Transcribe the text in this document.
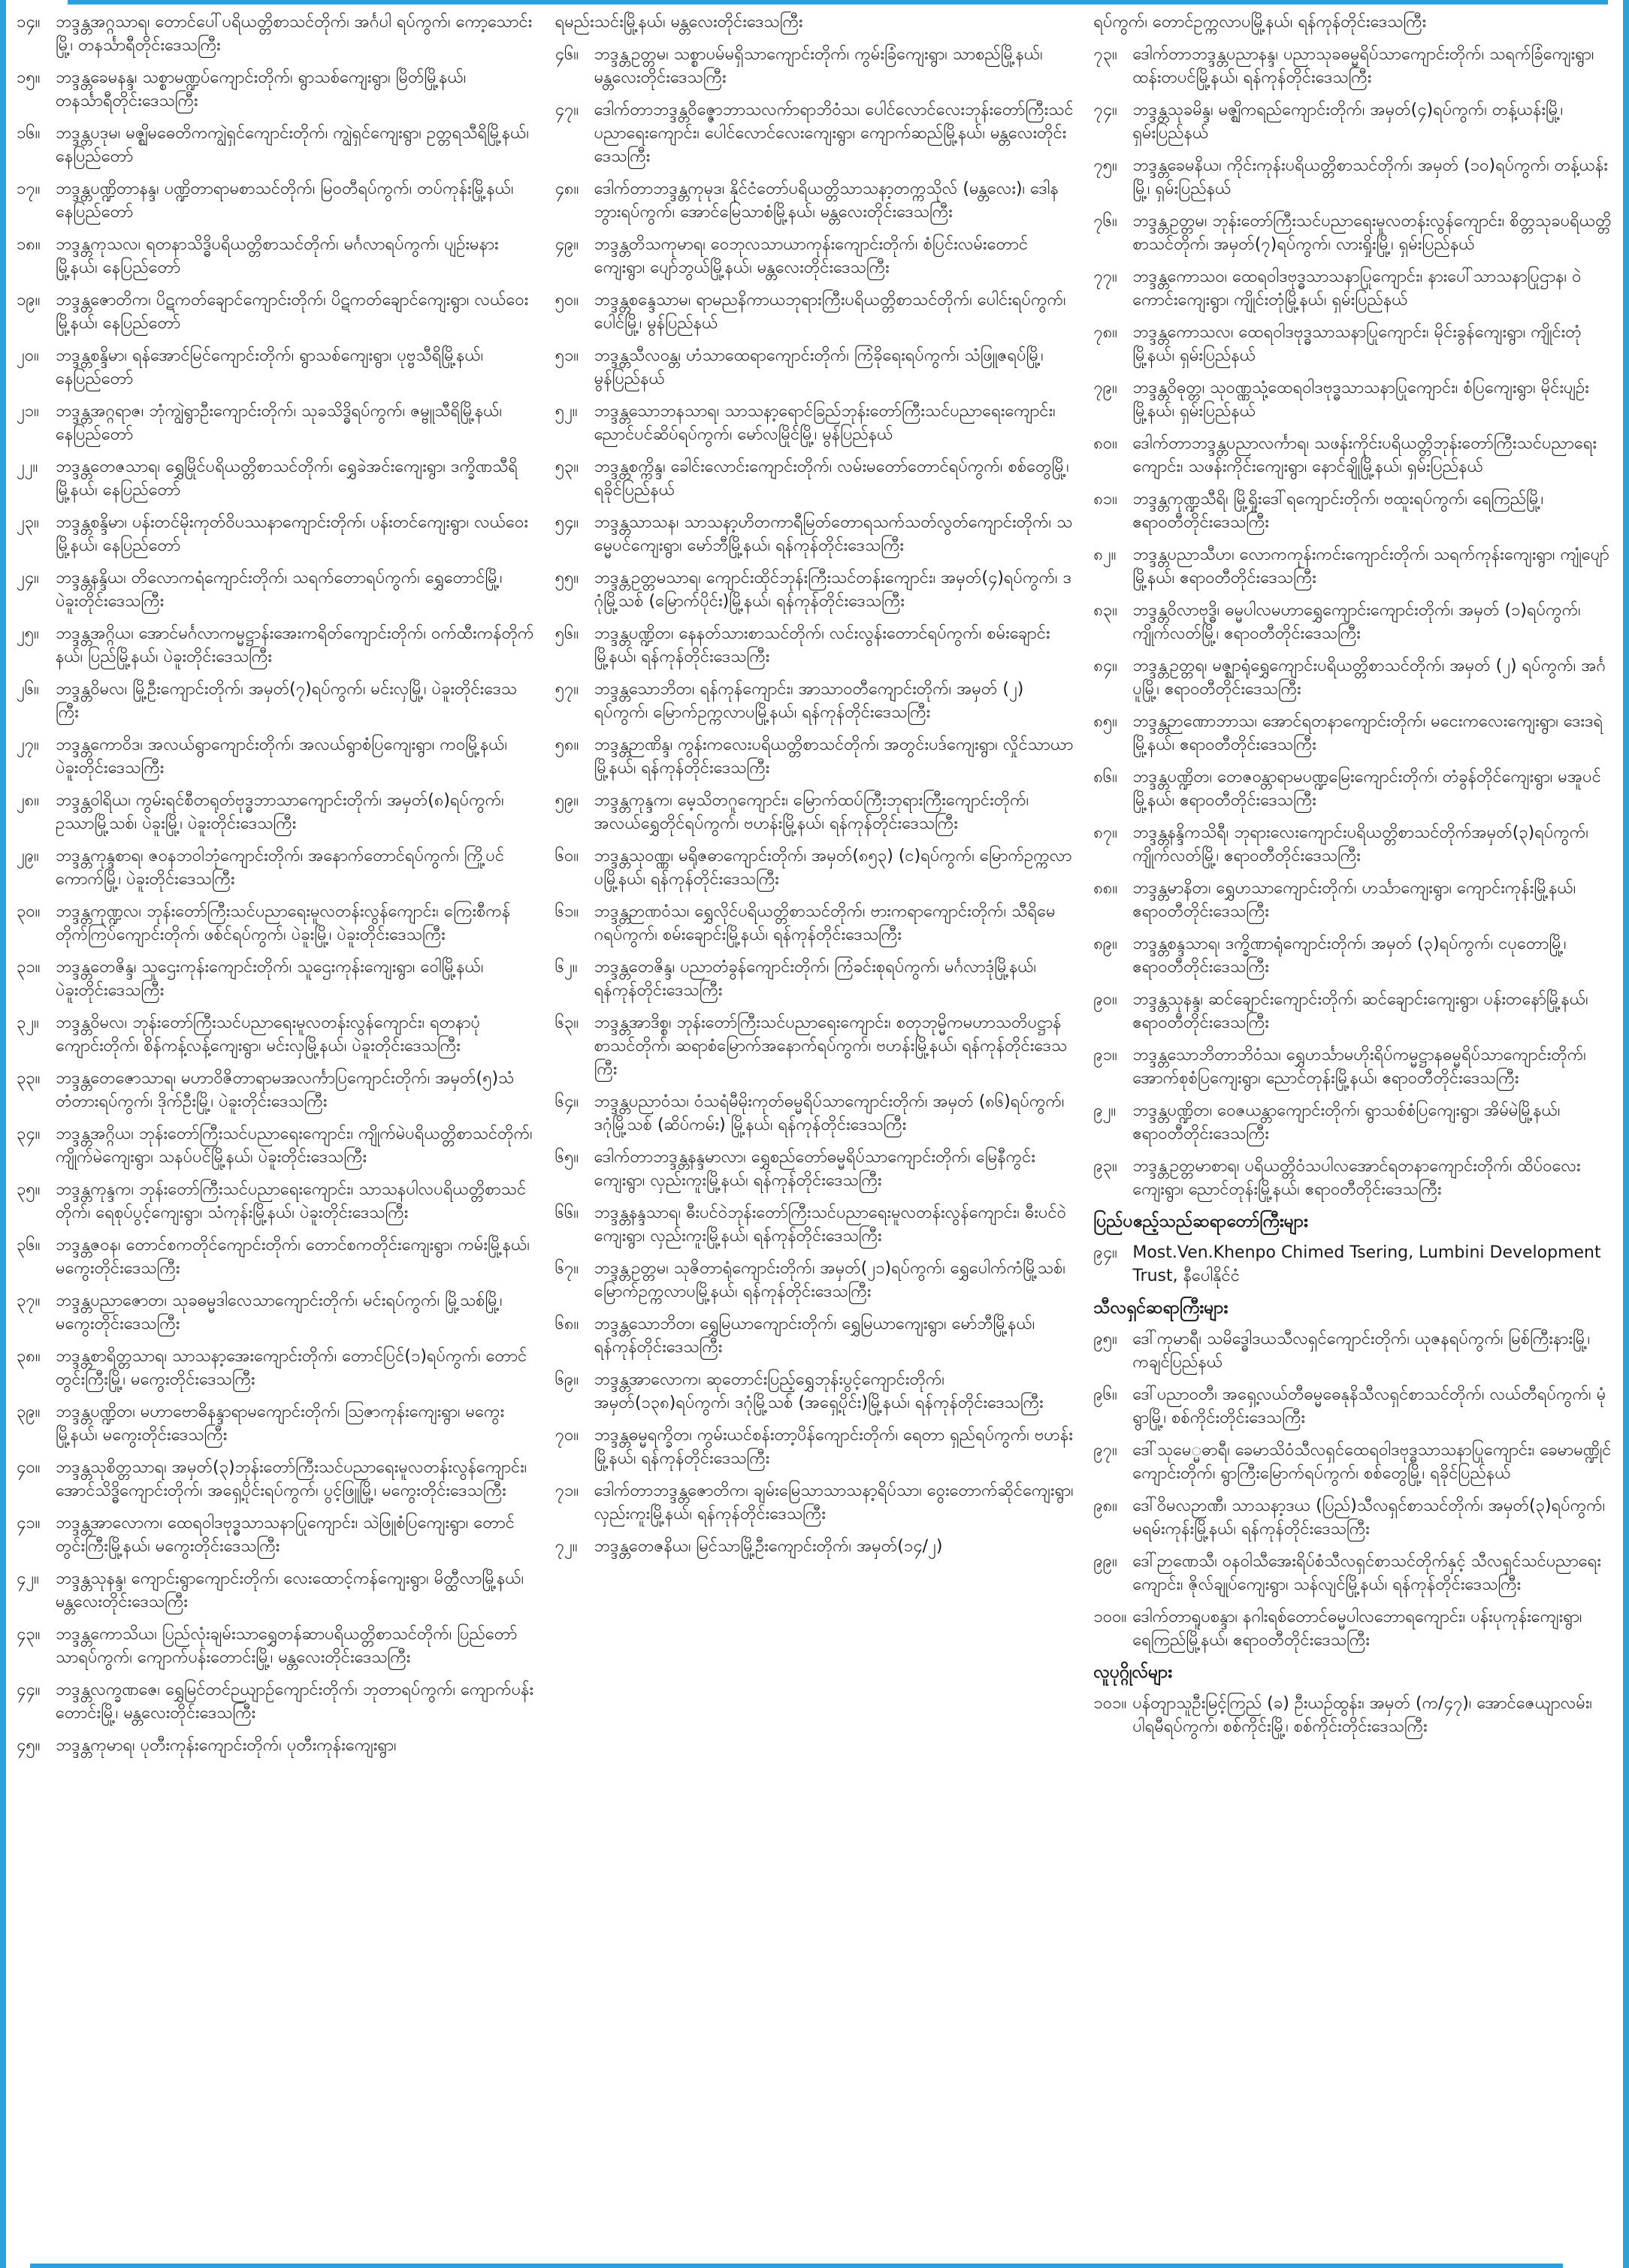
၁၄။ ဘဒ္ဒန္တအဂ္ဂသာရ၊ တောင်ပေါ်ပရိယတ္တိစာသင်တိုက်၊ အင်္ဂပါ ရပ်ကွက်၊ ကော့သောင်းမြို့၊ တနင်္သာရီတိုင်းဒေသကြီး
၁၅။ ဘဒ္ဒန္တခေမနန္ဒ၊ သစ္စာမဏ္ဍပ်ကျောင်းတိုက်၊ ရွာသစ်ကျေးရွာ၊ မြိတ်မြို့နယ်၊ တနင်္သာရီတိုင်းဒေသကြီး
၁၆။ ဘဒ္ဒန္တပဒုမ၊ မဇ္ဈိမဓေတိကကျွဲရှင်ကျောင်းတိုက်၊ ကျွဲရှင်ကျေးရွာ၊ ဥတ္တရသီရိမြို့နယ်၊ နေပြည်တော်
၁၇။ ဘဒ္ဒန္တပဏ္ဍိတာနန္ဒ၊ ပဏ္ဍိတာရာမစာသင်တိုက်၊ မြဝတီရပ်ကွက်၊ တပ်ကုန်းမြို့နယ်၊ နေပြည်တော်
၁၈။ ဘဒ္ဒန္တကုသလ၊ ရတနာသိဒ္ဓိပရိယတ္တိစာသင်တိုက်၊ မင်္ဂလာရပ်ကွက်၊ ပျဉ်းမနားမြို့နယ်၊ နေပြည်တော်
၁၉။ ဘဒ္ဒန္တဇောတိက၊ ပိဋကတ်ချောင်ကျောင်းတိုက်၊ ပိဋကတ်ချောင်ကျေးရွာ၊ လယ်ဝေးမြို့နယ်၊ နေပြည်တော်
၂၀။	ဘဒ္ဒန္တစန္ဒိမာ၊ ရန်အောင်မြင်ကျောင်းတိုက်၊ ရွာသစ်ကျေးရွာ၊ ပုဗ္ဗသီရိမြို့နယ်၊ နေပြည်တော်
၂၁။	ဘဒ္ဒန္တအဂ္ဂရာဇ၊ ဘုံကျွဲရွာဦးကျောင်းတိုက်၊ သုခသိဒ္ဓိရပ်ကွက်၊ ဇမ္ဗူသီရိမြို့နယ်၊ နေပြည်တော်
၂၂။	ဘဒ္ဒန္တတေဇသာရ၊ ရွှေမြိုင်ပရိယတ္တိစာသင်တိုက်၊ ရွှေခဲအင်းကျေးရွာ၊ ဒက္ခိဏသီရိမြို့နယ်၊ နေပြည်တော်
၂၃။	ဘဒ္ဒန္တစန္ဒိမာ၊ ပန်းတင်မိုးကုတ်ဝိပဿနာကျောင်းတိုက်၊ ပန်းတင်ကျေးရွာ၊ လယ်ဝေးမြို့နယ်၊ နေပြည်တော်
၂၄။	ဘဒ္ဒန္တနန္ဒိယ၊ တိလောကရံကျောင်းတိုက်၊ သရက်တောရပ်ကွက်၊ ရွှေတောင်မြို့၊ ပဲခူးတိုင်းဒေသကြီး
၂၅။	ဘဒ္ဒန္တအဂ္ဂိယ၊ အောင်မင်္ဂလာကမ္မဋ္ဌာန်းအေးကရိတ်ကျောင်းတိုက်၊ ဝက်ထီးကန်တိုက်နယ်၊ ပြည်မြို့နယ်၊ ပဲခူးတိုင်းဒေသကြီး
၂၆။	ဘဒ္ဒန္တဝိမလ၊ မြို့ဦးကျောင်းတိုက်၊ အမှတ်(၇)ရပ်ကွက်၊ မင်းလှမြို့၊ ပဲခူးတိုင်းဒေသကြီး
၂၇။	ဘဒ္ဒန္တကောဝိဒ၊ အလယ်ရွာကျောင်းတိုက်၊ အလယ်ရွာစံပြကျေးရွာ၊ ကဝမြို့နယ်၊ ပဲခူးတိုင်းဒေသကြီး
၂၈။ ဘဒ္ဒန္တဝါရိယ၊ ကွမ်းရင်စီတရုတ်ဗုဒ္ဓဘာသာကျောင်းတိုက်၊ အမှတ်(၈)ရပ်ကွက်၊ ဥဿာမြို့သစ်၊ ပဲခူးမြို့၊ ပဲခူးတိုင်းဒေသကြီး
၂၉။	ဘဒ္ဒန္တကုန္ဒစာရ၊ ဇဝနဘဝါဘုံကျောင်းတိုက်၊ အနောက်တောင်ရပ်ကွက်၊ ကြို့ပင်ကောက်မြို့၊ ပဲခူးတိုင်းဒေသကြီး
၃၀။ ဘဒ္ဒန္တကုဏ္ဍလ၊ ဘုန်းတော်ကြီးသင်ပညာရေးမူလတန်းလွန်ကျောင်း၊ ကြေးစီကန်တိုက်ကြပ်ကျောင်းတိုက်၊ ဖစ်င်ရပ်ကွက်၊ ပဲခူးမြို့၊ ပဲခူးတိုင်းဒေသကြီး
၃၁။ ဘဒ္ဒန္တတေဇိန္ဒ၊ သူဌေးကုန်းကျောင်းတိုက်၊ သူဌေးကုန်းကျေးရွာ၊ ဝေါမြို့နယ်၊ ပဲခူးတိုင်းဒေသကြီး
၃၂။	ဘဒ္ဒန္တဝိမလ၊ ဘုန်းတော်ကြီးသင်ပညာရေးမူလတန်းလွန်ကျောင်း၊ ရတနာပုံကျောင်းတိုက်၊ စိန်ကန့်လန့်ကျေးရွာ၊ မင်းလှမြို့နယ်၊ ပဲခူးတိုင်းဒေသကြီး
၃၃။ ဘဒ္ဒန္တတေဇောသာရ၊ မဟာဝိဇိတာရာမအလင်္ကာပြကျောင်းတိုက်၊ အမှတ်(၅)သံတံတားရပ်ကွက်၊ ဒိုက်ဦးမြို့၊ ပဲခူးတိုင်းဒေသကြီး
၃၄။ ဘဒ္ဒန္တအဂ္ဂိယ၊ ဘုန်းတော်ကြီးသင်ပညာရေးကျောင်း၊ ကျိုက်မဲပရိယတ္တိစာသင်တိုက်၊ ကျိုက်မဲကျေးရွာ၊ သနပ်ပင်မြို့နယ်၊ ပဲခူးတိုင်းဒေသကြီး
၃၅။ ဘဒ္ဒန္တကုန္ဒက၊ ဘုန်းတော်ကြီးသင်ပညာရေးကျောင်း၊ သာသနပါလပရိယတ္တိစာသင်တိုက်၊ ရေစုပ်ပွင့်ကျေးရွာ၊ သံကုန်းမြို့နယ်၊ ပဲခူးတိုင်းဒေသကြီး
၃၆။ ဘဒ္ဒန္တဇဝန၊ တောင်စကတိုင်ကျောင်းတိုက်၊ တောင်စကတိုင်းကျေးရွာ၊ ကမ်းမြို့နယ်၊ မကွေးတိုင်းဒေသကြီး
၃၇။ ဘဒ္ဒန္တပညာဇောတ၊ သုခဓမ္မဒါလေသာကျောင်းတိုက်၊ မင်းရပ်ကွက်၊ မြို့သစ်မြို့၊ မကွေးတိုင်းဒေသကြီး
၃၈။ ဘဒ္ဒန္တစာရိတ္တသာရ၊ သာသနာ့အေးကျောင်းတိုက်၊ တောင်ပြင်(၁)ရပ်ကွက်၊ တောင်တွင်းကြီးမြို့၊ မကွေးတိုင်းဒေသကြီး
၃၉။ ဘဒ္ဒန္တပဏ္ဍိတ၊ မဟာဗောဓိနန္ဒာရာမကျောင်းတိုက်၊ ဩဇာကုန်းကျေးရွာ၊ မကွေးမြို့နယ်၊ မကွေးတိုင်းဒေသကြီး
၄၀။ ဘဒ္ဒန္တသုစိတ္တသာရ၊ အမှတ်(၃)ဘုန်းတော်ကြီးသင်ပညာရေးမူလတန်းလွန်ကျောင်း၊ အောင်သိဒ္ဓိကျောင်းတိုက်၊ အရှေ့ပိုင်းရပ်ကွက်၊ ပွင့်ဖြူမြို့၊ မကွေးတိုင်းဒေသကြီး
၄၁။ ဘဒ္ဒန္တအာလောက၊ ထေရဝါဒဗုဒ္ဓသာသနာပြုကျောင်း၊ သဲဖြူစံပြကျေးရွာ၊ တောင်တွင်းကြီးမြို့နယ်၊ မကွေးတိုင်းဒေသကြီး
၄၂။	ဘဒ္ဒန္တသုနန္ဒ၊ ကျောင်းရွာကျောင်းတိုက်၊ လေးထောင့်ကန်ကျေးရွာ၊ မိတ္ထီလာမြို့နယ်၊ မန္တလေးတိုင်းဒေသကြီး
၄၃။ ဘဒ္ဒန္တကောသိယ၊ ပြည်လုံးချမ်းသာရွှေတန်ဆာပရိယတ္တိစာသင်တိုက်၊ ပြည်တော်သာရပ်ကွက်၊ ကျောက်ပန်းတောင်းမြို့၊ မန္တလေးတိုင်းဒေသကြီး
၄၄။ ဘဒ္ဒန္တလက္ခဏဇေ၊ ရွှေမြင်တင်ဉယျာဉ်ကျောင်းတိုက်၊ ဘုတာရပ်ကွက်၊ ကျောက်ပန်းတောင်းမြို့၊ မန္တလေးတိုင်းဒေသကြီး
၄၅။ ဘဒ္ဒန္တကုမာရ၊ ပုတီးကုန်းကျောင်းတိုက်၊ ပုတီးကုန်းကျေးရွာ၊
ရမည်းသင်းမြို့နယ်၊ မန္တလေးတိုင်းဒေသကြီး
၄၆။ ဘဒ္ဒန္တဥတ္တမ၊ သစ္စာပမ်မရှိသာကျောင်းတိုက်၊ ကွမ်းခြံကျေးရွာ၊ သာစည်မြို့နယ်၊ မန္တလေးတိုင်းဒေသကြီး
၄၇။ ဒေါက်တာဘဒ္ဒန္တဝိဇ္ဇောဘာသလက်ာရာဘိဝံသ၊ ပေါင်လောင်လေးဘုန်းတော်ကြီးသင်ပညာရေးကျောင်း၊ ပေါင်လောင်လေးကျေးရွာ၊ ကျောက်ဆည်မြို့နယ်၊ မန္တလေးတိုင်းဒေသကြီး
၄၈။ ဒေါက်တာဘဒ္ဒန္တကုမုဒ၊ နိုင်ငံတော်ပရိယတ္တိသာသနာ့တက္ကသိုလ် (မန္တလေး)၊ ဒေါနဘွားရပ်ကွက်၊ အောင်မြေသာစံမြို့နယ်၊ မန္တလေးတိုင်းဒေသကြီး
၄၉။ ဘဒ္ဒန္တတိသကုမာရ၊ ဝေဘုလသာယာကုန်းကျောင်းတိုက်၊ စံပြင်းလမ်းတောင်ကျေးရွာ၊ ပျော်ဘွယ်မြို့နယ်၊ မန္တလေးတိုင်းဒေသကြီး
၅၀။ ဘဒ္ဒန္တစန္ဒေသာမ၊ ရာမညနိကာယဘုရားကြီးပရိယတ္တိစာသင်တိုက်၊ ပေါင်းရပ်ကွက်၊ ပေါင်မြို့၊ မွန်ပြည်နယ်
၅၁။ ဘဒ္ဒန္တသီလဝန္တ၊ ဟံသာထေရာကျောင်းတိုက်၊ ကြံခိုရေးရပ်ကွက်၊ သံဖြူဇရပ်မြို့၊ မွန်ပြည်နယ်
၅၂။	ဘဒ္ဒန္တသောဘနသာရ၊ သာသနာ့ရောင်ခြည်ဘုန်းတော်ကြီးသင်ပညာရေးကျောင်း၊ ညောင်ပင်ဆိပ်ရပ်ကွက်၊ မော်လမြိုင်မြို့၊ မွန်ပြည်နယ်
၅၃။ ဘဒ္ဒန္တစက္ကိန္ဒ၊ ခေါင်းလောင်းကျောင်းတိုက်၊ လမ်းမတော်တောင်ရပ်ကွက်၊ စစ်တွေမြို့၊ ရခိုင်ပြည်နယ်
၅၄။ ဘဒ္ဒန္တသာသန၊ သာသနာ့ဟိတကာရီမြတ်တောရသက်သတ်လွတ်ကျောင်းတိုက်၊ သမ္မေပင်ကျေးရွာ၊ မော်ဘီမြို့နယ်၊ ရန်ကုန်တိုင်းဒေသကြီး
၅၅။ ဘဒ္ဒန္တဥတ္တမသာရ၊ ကျောင်းထိုင်ဘုန်းကြီးသင်တန်းကျောင်း၊ အမှတ်(၄)ရပ်ကွက်၊ ဒဂုံမြို့သစ် (မြောက်ပိုင်း)မြို့နယ်၊ ရန်ကုန်တိုင်းဒေသကြီး
၅၆။ ဘဒ္ဒန္တပဏ္ဍိတ၊ နေနတ်သားစာသင်တိုက်၊ လင်းလွန်းတောင်ရပ်ကွက်၊ စမ်းချောင်းမြို့နယ်၊ ရန်ကုန်တိုင်းဒေသကြီး
၅၇။ ဘဒ္ဒန္တသောဘိတ၊ ရန်ကုန်ကျောင်း၊ အာသာဝတီကျောင်းတိုက်၊ အမှတ် (၂) ရပ်ကွက်၊ မြောက်ဥက္ကလာပမြို့နယ်၊ ရန်ကုန်တိုင်းဒေသကြီး
၅၈။ ဘဒ္ဒန္တဉာဏိန္ဒ၊ ကွန်းကလေးပရိယတ္တိစာသင်တိုက်၊ အတွင်းပဒ်ကျေးရွာ၊ လှိုင်သာယာမြို့နယ်၊ ရန်ကုန်တိုင်းဒေသကြီး
၅၉။ ဘဒ္ဒန္တကုန္ဒက၊ မေ့သိတဂူကျောင်း၊ မြောက်ထပ်ကြီးဘုရားကြီးကျောင်းတိုက်၊ အလယ်ရွှေတိုင်ရပ်ကွက်၊ ဗဟန်းမြို့နယ်၊ ရန်ကုန်တိုင်းဒေသကြီး
၆၀။ ဘဒ္ဒန္တသုဝဏ္ဏ၊ မရိုဇဓာကျောင်းတိုက်၊ အမှတ်(၈၅၃) (င)ရပ်ကွက်၊ မြောက်ဥက္ကလာပမြို့နယ်၊ ရန်ကုန်တိုင်းဒေသကြီး
၆၁။ ဘဒ္ဒန္တဉာဏဝံသ၊ ရွှေလိုင်ပရိယတ္တိစာသင်တိုက်၊ ဗားကရာကျောင်းတိုက်၊ သီရိမေဂရပ်ကွက်၊ စမ်းချောင်းမြို့နယ်၊ ရန်ကုန်တိုင်းဒေသကြီး
၆၂။	ဘဒ္ဒန္တတေဇိန္ဒ၊ ပညာတံခွန်ကျောင်းတိုက်၊ ကြံခင်းစုရပ်ကွက်၊ မင်္ဂလာဒုံမြို့နယ်၊ ရန်ကုန်တိုင်းဒေသကြီး
၆၃။ ဘဒ္ဒန္တအာဒိစ္စ၊ ဘုန်းတော်ကြီးသင်ပညာရေးကျောင်း၊ စတုဘုမ္မိကမဟာသတိပဋ္ဌာန်စာသင်တိုက်၊ ဆရာစံမြောက်အနောက်ရပ်ကွက်၊ ဗဟန်းမြို့နယ်၊ ရန်ကုန်တိုင်းဒေသကြီး
၆၄။ ဘဒ္ဒန္တပညာဝံသ၊ ဝံသရံမီမိုးကုတ်ဓမ္မရိပ်သာကျောင်းတိုက်၊ အမှတ် (၈၆)ရပ်ကွက်၊ ဒဂုံမြို့သစ် (ဆိပ်ကမ်း) မြို့နယ်၊ ရန်ကုန်တိုင်းဒေသကြီး
၆၅။ ဒေါက်တာဘဒ္ဒန္တနန္ဒမာလာ၊ ရွှေစည်တော်ဓမ္မရိပ်သာကျောင်းတိုက်၊ မြေနီကွင်းကျေးရွာ၊ လှည်းကူးမြို့နယ်၊ ရန်ကုန်တိုင်းဒေသကြီး
၆၆။ ဘဒ္ဒန္တနန္ဒသာရ၊ ဓီးပင်ဝဲဘုန်းတော်ကြီးသင်ပညာရေးမူလတန်းလွန်ကျောင်း၊ ဓီးပင်ဝဲကျေးရွာ၊ လှည်းကူးမြို့နယ်၊ ရန်ကုန်တိုင်းဒေသကြီး
၆၇။ ဘဒ္ဒန္တဥတ္တမ၊ သုဇိတာရုံကျောင်းတိုက်၊ အမှတ်(၂၁)ရပ်ကွက်၊ ရွှေပေါက်ကံမြို့သစ်၊ မြောက်ဥက္ကလာပမြို့နယ်၊ ရန်ကုန်တိုင်းဒေသကြီး
၆၈။ ဘဒ္ဒန္တသောဘိတ၊ ရွှေမြယာကျောင်းတိုက်၊ ရွှေမြယာကျေးရွာ၊ မော်ဘီမြို့နယ်၊ ရန်ကုန်တိုင်းဒေသကြီး
၆၉။ ဘဒ္ဒန္တအာလောက၊ ဆုတောင်းပြည့်ရွှေဘုန်းပွင့်ကျောင်းတိုက်၊ အမှတ်(၁၃၈)ရပ်ကွက်၊ ဒဂုံမြို့သစ် (အရှေ့ပိုင်း)မြို့နယ်၊ ရန်ကုန်တိုင်းဒေသကြီး
၇၀။ ဘဒ္ဒန္တဓမ္မရက္ခိတ၊ ကွမ်းယင်စန်းတာ့ပိန်ကျောင်းတိုက်၊ ရေတာ ရှည်ရပ်ကွက်၊ ဗဟန်းမြို့နယ်၊ ရန်ကုန်တိုင်းဒေသကြီး
၇၁။ ဒေါက်တာဘဒ္ဒန္တဇောတိက၊ ချမ်းမြေသာသာသနာ့ရိပ်သာ၊ ဝွေးတောက်ဆိုင်ကျေးရွာ၊ လှည်းကူးမြို့နယ်၊ ရန်ကုန်တိုင်းဒေသကြီး
၇၂။	ဘဒ္ဒန္တတေဇနိယ၊ မြင်သာမြို့ဦးကျောင်းတိုက်၊ အမှတ်(၁၄/၂)
ရပ်ကွက်၊ တောင်ဥက္ကလာပမြို့နယ်၊ ရန်ကုန်တိုင်းဒေသကြီး
၇၃။ ဒေါက်တာဘဒ္ဒန္တပညာနန္ဒ၊ ပညာသုခဓမ္မရိပ်သာကျောင်းတိုက်၊ သရက်ခြံကျေးရွာ၊ ထန်းတပင်မြို့နယ်၊ ရန်ကုန်တိုင်းဒေသကြီး
၇၄။ ဘဒ္ဒန္တသုခမိန္ဒ၊ မဇ္ဈိကရည်ကျောင်းတိုက်၊ အမှတ်(၄)ရပ်ကွက်၊ တန့်ယန်းမြို့၊ ရှမ်းပြည်နယ်
၇၅။ ဘဒ္ဒန္တခေမနိယ၊ ကိုင်းကုန်းပရိယတ္တိစာသင်တိုက်၊ အမှတ် (၁၀)ရပ်ကွက်၊ တန့်ယန်းမြို့၊ ရှမ်းပြည်နယ်
၇၆။ ဘဒ္ဒန္တဥတ္တမ၊ ဘုန်းတော်ကြီးသင်ပညာရေးမူလတန်းလွန်ကျောင်း၊ စိတ္တသုခပရိယတ္တိစာသင်တိုက်၊ အမှတ်(၇)ရပ်ကွက်၊ လားရှိုးမြို့၊ ရှမ်းပြည်နယ်
၇၇။ ဘဒ္ဒန္တကောသဝ၊ ထေရဝါဒဗုဒ္ဓသာသနာပြုကျောင်း၊ နားပေါ်သာသနာပြုဌာန၊ ဝဲကောင်းကျေးရွာ၊ ကျိုင်းတုံမြို့နယ်၊ ရှမ်းပြည်နယ်
၇၈။ ဘဒ္ဒန္တကောသလ၊ ထေရဝါဒဗုဒ္ဓသာသနာပြုကျောင်း၊ မိုင်းခွန်ကျေးရွာ၊ ကျိုင်းတုံမြို့နယ်၊ ရှမ်းပြည်နယ်
၇၉။ ဘဒ္ဒန္တဝိဓုတ္တ၊ သုဝဏ္ဏသုံ့ထေရဝါဒဗုဒ္ဓသာသနာပြုကျောင်း၊ စံပြကျေးရွာ၊ မိုင်းပျဉ်းမြို့နယ်၊ ရှမ်းပြည်နယ်
၈၀။ ဒေါက်တာဘဒ္ဒန္တပညာလင်္ကာရ၊ သဖန်းကိုင်းပရိယတ္တိဘုန်းတော်ကြီးသင်ပညာရေးကျောင်း၊ သဖန်းကိုင်းကျေးရွာ၊ နောင်ချိုမြို့နယ်၊ ရှမ်းပြည်နယ်
၈၁။ ဘဒ္ဒန္တကုဏ္ဍသီရိ၊ မြို့ရှိုးဒေါ်ရကျောင်းတိုက်၊ ဗထူးရပ်ကွက်၊ ရေကြည်မြို့၊ ဧရာဝတီတိုင်းဒေသကြီး
၈၂။ ဘဒ္ဒန္တပညာသီဟ၊ လောကကုန်းကင်းကျောင်းတိုက်၊ သရက်ကုန်းကျေးရွာ၊ ကျုံပျော်မြို့နယ်၊ ဧရာဝတီတိုင်းဒေသကြီး
၈၃။ ဘဒ္ဒန္တဝိလာဗုဒ္ဓိ၊ ဓမ္မပါလမဟာရွှေကျောင်းကျောင်းတိုက်၊ အမှတ် (၁)ရပ်ကွက်၊ ကျိုက်လတ်မြို့၊ ဧရာဝတီတိုင်းဒေသကြီး
၈၄။ ဘဒ္ဒန္တဥတ္တရ၊ မဇ္ဈာရုံရွှေကျောင်းပရိယတ္တိစာသင်တိုက်၊ အမှတ် (၂) ရပ်ကွက်၊ အင်္ဂပူမြို့၊ ဧရာဝတီတိုင်းဒေသကြီး
၈၅။ ဘဒ္ဒန္တဉာဏောဘာသ၊ အောင်ရတနာကျောင်းတိုက်၊ မငေးကလေးကျေးရွာ၊ ဒေးဒရဲမြို့နယ်၊ ဧရာဝတီတိုင်းဒေသကြီး
၈၆။ ဘဒ္ဒန္တပဏ္ဍိတ၊ တေဇဝန္တာရာမပဏ္ဍမြေးကျောင်းတိုက်၊ တံခွန်တိုင်ကျေးရွာ၊ မအူပင်မြို့နယ်၊ ဧရာဝတီတိုင်းဒေသကြီး
၈၇။ ဘဒ္ဒန္တနန္ဒိကသိရီ၊ ဘုရားလေးကျောင်းပရိယတ္တိစာသင်တိုက်အမှတ်(၃)ရပ်ကွက်၊ ကျိုက်လတ်မြို့၊ ဧရာဝတီတိုင်းဒေသကြီး
၈၈။ ဘဒ္ဒန္တမာနိတ၊ ရွှေဟသာကျောင်းတိုက်၊ ဟင်္သာကျေးရွာ၊ ကျောင်းကုန်းမြို့နယ်၊ ဧရာဝတီတိုင်းဒေသကြီး
၈၉။ ဘဒ္ဒန္တစန္ဒသာရ၊ ဒက္ခိဏာရုံကျောင်းတိုက်၊ အမှတ် (၃)ရပ်ကွက်၊ ငပုတောမြို့၊ ဧရာဝတီတိုင်းဒေသကြီး
၉၀။ ဘဒ္ဒန္တသုနန္ဒ၊ ဆင်ချောင်းကျောင်းတိုက်၊ ဆင်ချောင်းကျေးရွာ၊ ပန်းတနော်မြို့နယ်၊ ဧရာဝတီတိုင်းဒေသကြီး
၉၁။ ဘဒ္ဒန္တသောဘိတာဘိဝံသ၊ ရွှေဟင်္သာမဟိုးရိပ်ကမ္မဋ္ဌာနဓမ္မရိပ်သာကျောင်းတိုက်၊ အောက်စုစံပြကျေးရွာ၊ ညောင်တုန်းမြို့နယ်၊ ဧရာဝတီတိုင်းဒေသကြီး
၉၂။	ဘဒ္ဒန္တပဏ္ဍိတ၊ ဝေဇယန္တာကျောင်းတိုက်၊ ရွာသစ်စံပြကျေးရွာ၊ အိမ်မဲမြို့နယ်၊ ဧရာဝတီတိုင်းဒေသကြီး
၉၃။ ဘဒ္ဒန္တဥတ္တမာစာရ၊ ပရိယတ္တိဝံသပါလအောင်ရတနာကျောင်းတိုက်၊ ထိပ်ဝလေးကျေးရွာ၊ ညောင်တုန်းမြို့နယ်၊ ဧရာဝတီတိုင်းဒေသကြီး
ပြည်ပဧည့်သည်ဆရာတော်ကြီးများ
၉၄။ Most.Ven.Khenpo Chimed Tsering, Lumbini Development Trust, နီပေါနိုင်ငံ
သီလရှင်ဆရာကြီးများ
၉၅။ ဒေါ်ကုမာရီ၊ သမိဒ္ဓေါဒယသီလရှင်ကျောင်းတိုက်၊ ယုဇနရပ်ကွက်၊ မြစ်ကြီးနားမြို့၊ ကချင်ပြည်နယ်
၉၆။ ဒေါ်ပညာဝတီ၊ အရှေ့လယ်တီဓမ္မဓေနုနိသီလရှင်စာသင်တိုက်၊ လယ်တီရပ်ကွက်၊ မုံရွာမြို့၊ စစ်ကိုင်းတိုင်းဒေသကြီး
၉၇။ ဒေါ်သုမေ္မဓာရီ၊ ခေမာသိဝံသီလရှင်ထေရဝါဒဗုဒ္ဓသာသနာပြုကျောင်း၊ ခေမာမဏ္ဍိုင်ကျောင်းတိုက်၊ ရွာကြီးမြောက်ရပ်ကွက်၊ စစ်တွေမြို့၊ ရခိုင်ပြည်နယ်
၉၈။ ဒေါ်ဝိမလဉာဏီ၊ သာသနာ့ဒယ (ပြည်)သီလရှင်စာသင်တိုက်၊ အမှတ်(၃)ရပ်ကွက်၊ မရမ်းကုန်းမြို့နယ်၊ ရန်ကုန်တိုင်းဒေသကြီး
၉၉။ ဒေါ်ဉာဏေသီ၊ ဝနဝါသီအေးရိပ်စံသီလရှင်စာသင်တိုက်နှင့် သီလရှင်သင်ပညာရေးကျောင်း၊ ဇိုလ်ချုပ်ကျေးရွာ၊ သန်လျင်မြို့နယ်၊ ရန်ကုန်တိုင်းဒေသကြီး
၁၀၀။ ဒေါက်တာရူပစန္ဒာ၊ နဂါးရစ်တောင်ဓမ္မပါလဘောရကျောင်း၊ ပန်းပုကုန်းကျေးရွာ၊ ရေကြည်မြို့နယ်၊ ဧရာဝတီတိုင်းဒေသကြီး
လူပုဂ္ဂိုလ်များ
၁၀၁။ ပန်တျာသူဦးမြင့်ကြည် (ခ) ဦးယဉ်ထွန်း၊ အမှတ် (က/၄၇)၊ အောင်ဇေယျာလမ်း၊ ပါရမီရပ်ကွက်၊ စစ်ကိုင်းမြို့၊ စစ်ကိုင်းတိုင်းဒေသကြီး
